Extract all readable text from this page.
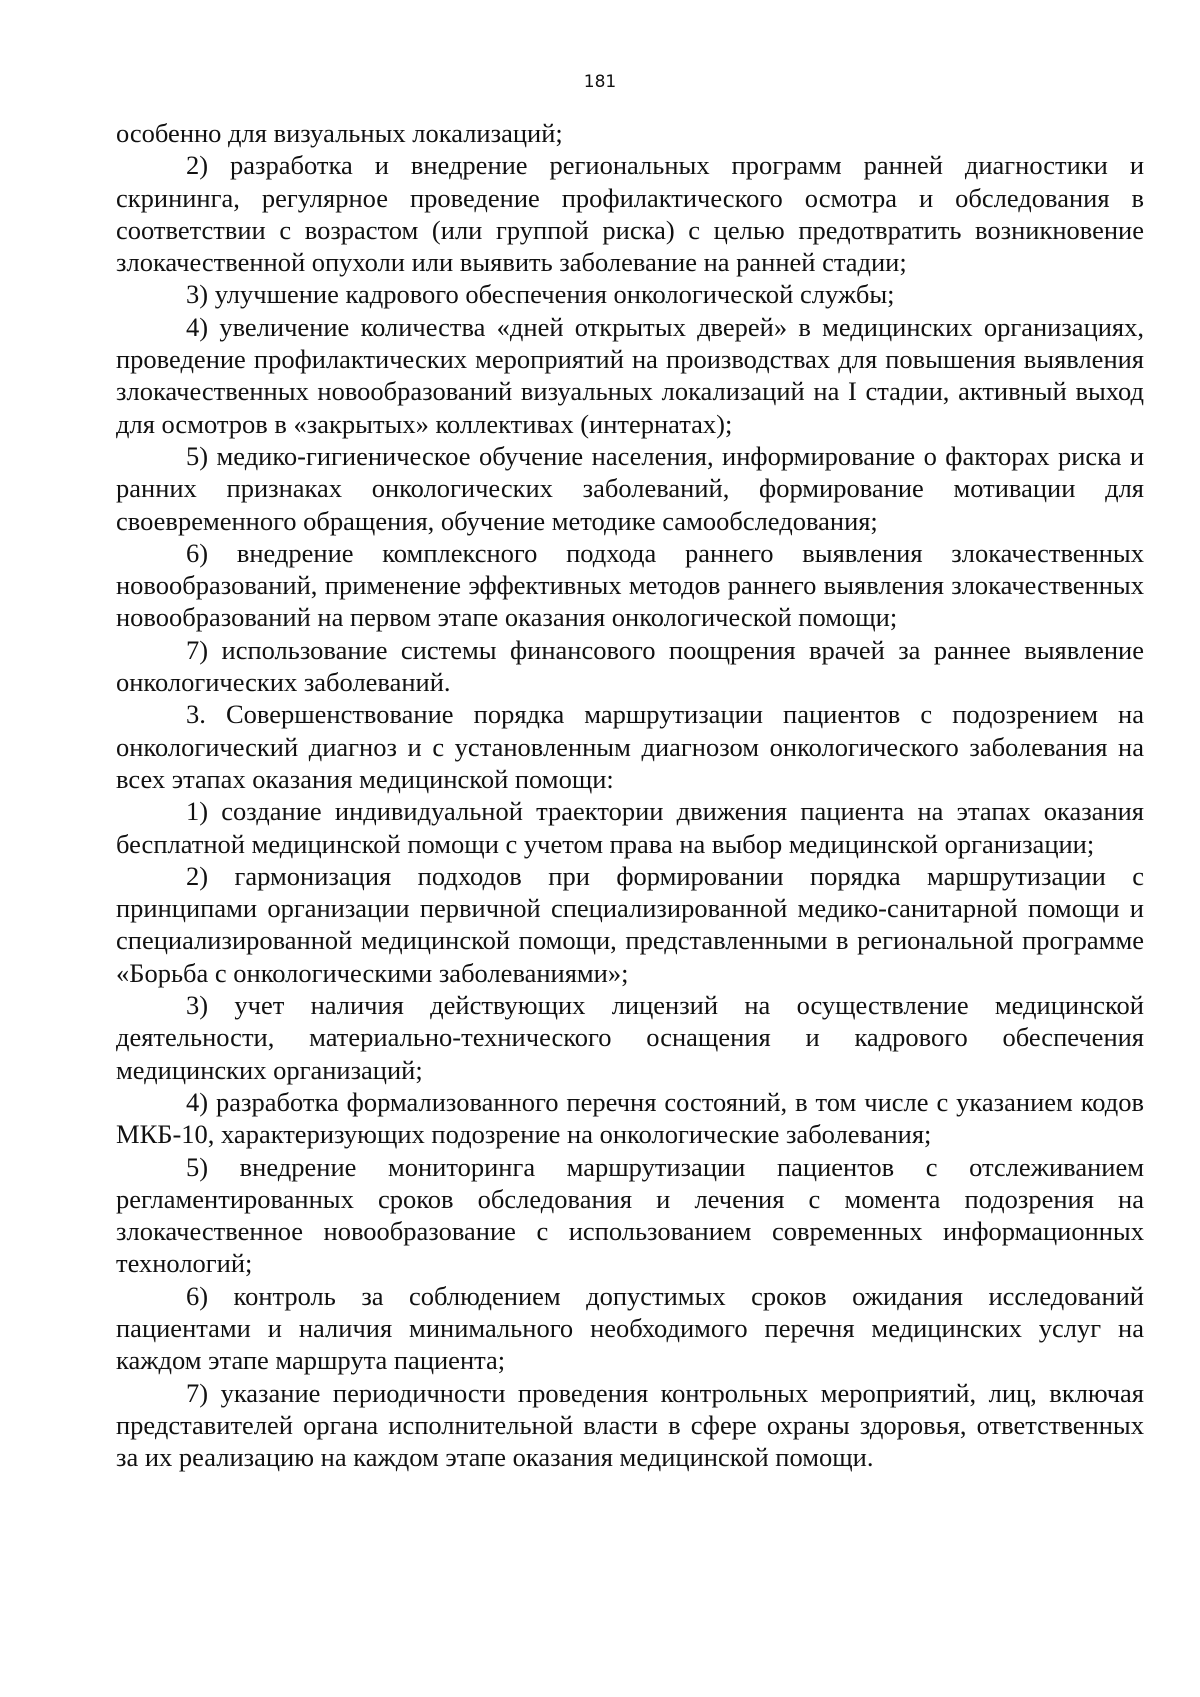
181

особенно для визуальных локализаций;

2) разработка и внедрение региональных программ ранней диагностики и скрининга, регулярное проведение профилактического осмотра и обследования в соответствии с возрастом (или группой риска) с целью предотвратить возникновение злокачественной опухоли или выявить заболевание на ранней стадии;

3) улучшение кадрового обеспечения онкологической службы;

4) увеличение количества «дней открытых дверей» в медицинских организациях, проведение профилактических мероприятий на производствах для повышения выявления злокачественных новообразований визуальных локализаций на I стадии, активный выход для осмотров в «закрытых» коллективах (интернатах);

5) медико-гигиеническое обучение населения, информирование о факторах риска и ранних признаках онкологических заболеваний, формирование мотивации для своевременного обращения, обучение методике самообследования;

6) внедрение комплексного подхода раннего выявления злокачественных новообразований, применение эффективных методов раннего выявления злокачественных новообразований на первом этапе оказания онкологической помощи;

7) использование системы финансового поощрения врачей за раннее выявление онкологических заболеваний.

3. Совершенствование порядка маршрутизации пациентов с подозрением на онкологический диагноз и с установленным диагнозом онкологического заболевания на всех этапах оказания медицинской помощи:

1) создание индивидуальной траектории движения пациента на этапах оказания бесплатной медицинской помощи с учетом права на выбор медицинской организации;

2) гармонизация подходов при формировании порядка маршрутизации с принципами организации первичной специализированной медико-санитарной помощи и специализированной медицинской помощи, представленными в региональной программе «Борьба с онкологическими заболеваниями»;

3) учет наличия действующих лицензий на осуществление медицинской деятельности, материально-технического оснащения и кадрового обеспечения медицинских организаций;

4) разработка формализованного перечня состояний, в том числе с указанием кодов МКБ-10, характеризующих подозрение на онкологические заболевания;

5) внедрение мониторинга маршрутизации пациентов с отслеживанием регламентированных сроков обследования и лечения с момента подозрения на злокачественное новообразование с использованием современных информационных технологий;

6) контроль за соблюдением допустимых сроков ожидания исследований пациентами и наличия минимального необходимого перечня медицинских услуг на каждом этапе маршрута пациента;

7) указание периодичности проведения контрольных мероприятий, лиц, включая представителей органа исполнительной власти в сфере охраны здоровья, ответственных за их реализацию на каждом этапе оказания медицинской помощи.
